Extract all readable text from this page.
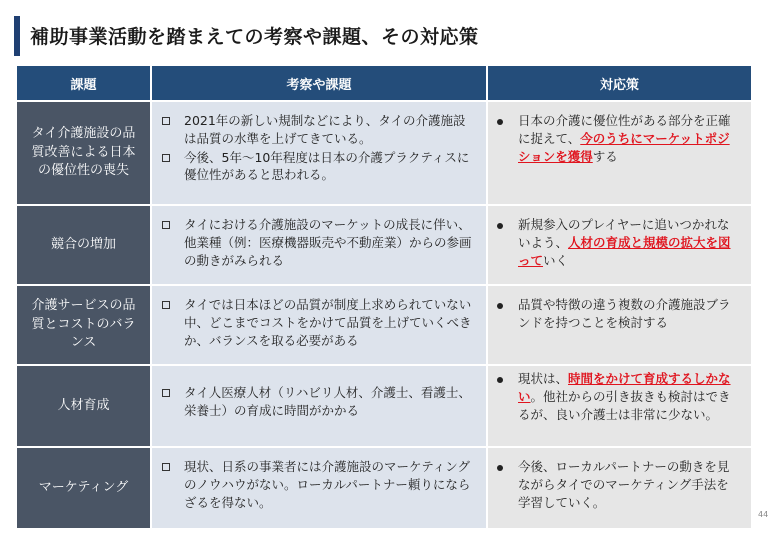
補助事業活動を踏まえての考察や課題、その対応策
課題	考察や課題	対応策
タイ介護施設の品質改善による日本の優位性の喪失
2021年の新しい規制などにより、タイの介護施設は品質の水準を上げてきている。
今後、5年〜10年程度は日本の介護プラクティスに優位性があると思われる。
日本の介護に優位性がある部分を正確に捉えて、今のうちにマーケットポジションを獲得する
競合の増加
タイにおける介護施設のマーケットの成長に伴い、他業種（例：医療機器販売や不動産業）からの参画の動きがみられる
新規参入のプレイヤーに追いつかれないよう、人材の育成と規模の拡大を図っていく
介護サービスの品質とコストのバランス
タイでは日本ほどの品質が制度上求められていない中、どこまでコストをかけて品質を上げていくべきか、バランスを取る必要がある
品質や特徴の違う複数の介護施設ブランドを持つことを検討する
人材育成
タイ人医療人材（リハビリ人材、介護士、看護士、栄養士）の育成に時間がかかる
現状は、時間をかけて育成するしかない。他社からの引き抜きも検討はできるが、良い介護士は非常に少ない。
マーケティング
現状、日系の事業者には介護施設のマーケティングのノウハウがない。ローカルパートナー頼りにならざるを得ない。
今後、ローカルパートナーの動きを見ながらタイでのマーケティング手法を学習していく。
44
